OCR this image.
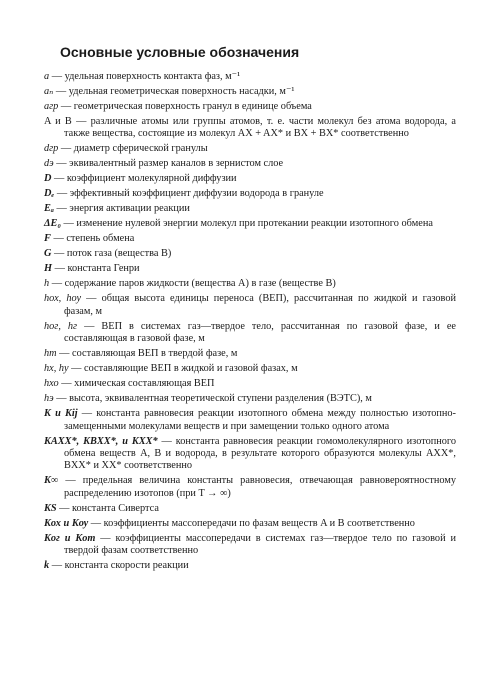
Основные условные обозначения
a — удельная поверхность контакта фаз, м⁻¹
aₙ — удельная геометрическая поверхность насадки, м⁻¹
aгр — геометрическая поверхность гранул в единице объема
A и B — различные атомы или группы атомов, т. е. части молекул без атома водорода, а также вещества, состоящие из молекул AX + AX* и BX + BX* соответственно
dгр — диаметр сферической гранулы
dэ — эквивалентный размер каналов в зернистом слое
D — коэффициент молекулярной диффузии
Dₑ — эффективный коэффициент диффузии водорода в грануле
Eₐ — энергия активации реакции
ΔE₀ — изменение нулевой энергии молекул при протекании реакции изотопного обмена
F — степень обмена
G — поток газа (вещества B)
H — константа Генри
h — содержание паров жидкости (вещества A) в газе (веществе B)
hох, hоу — общая высота единицы переноса (ВЕП), рассчитанная по жидкой и газовой фазам, м
hог, hг — ВЕП в системах газ—твердое тело, рассчитанная по газовой фазе, и ее составляющая в газовой фазе, м
hт — составляющая ВЕП в твердой фазе, м
hx, hy — составляющие ВЕП в жидкой и газовой фазах, м
hхо — химическая составляющая ВЕП
hэ — высота, эквивалентная теоретической ступени разделения (ВЭТС), м
K и Kij — константа равновесия реакции изотопного обмена между полностью изотопно-замещенными молекулами веществ и при замещении только одного атома
KAXX*, KBXX*, и KXX* — константа равновесия реакции гомомолекулярного изотопного обмена веществ A, B и водорода, в результате которого образуются молекулы AXX*, BXX* и XX* соответственно
K∞ — предельная величина константы равновесия, отвечающая равновероятностному распределению изотопов (при T → ∞)
KS — константа Сивертса
Kох и Kоу — коэффициенты массопередачи по фазам веществ A и B соответственно
Kог и Kот — коэффициенты массопередачи в системах газ—твердое тело по газовой и твердой фазам соответственно
k — константа скорости реакции
